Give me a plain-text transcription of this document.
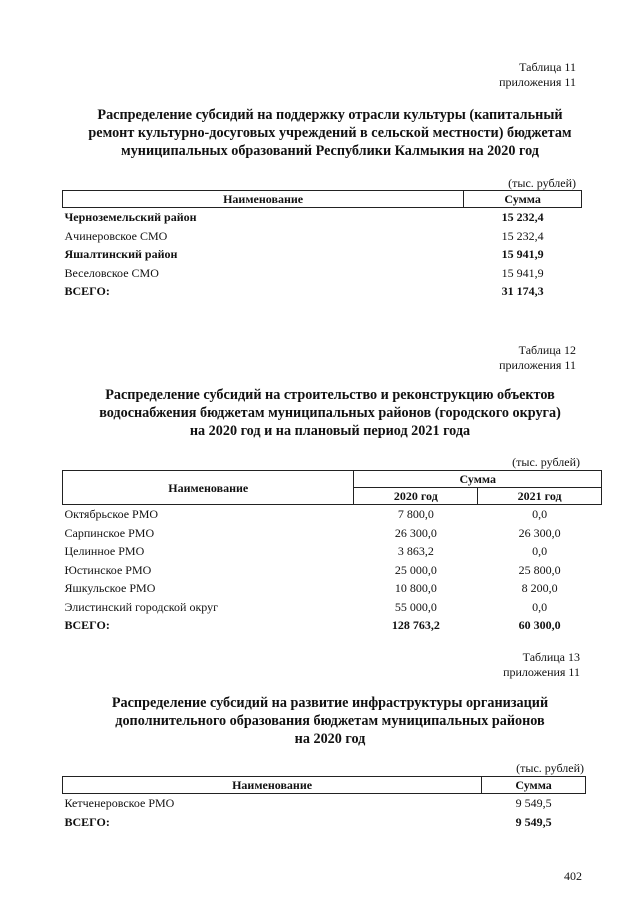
Таблица 11
приложения 11
Распределение субсидий на поддержку отрасли культуры (капитальный
ремонт культурно-досуговых учреждений в сельской местности) бюджетам
муниципальных образований Республики Калмыкия на 2020 год
(тыс. рублей)
Наименование	Сумма
Черноземельский район	15 232,4
Ачинеровское СМО	15 232,4
Яшалтинский район	15 941,9
Веселовское СМО	15 941,9
ВСЕГО:	31 174,3
Таблица 12
приложения 11
Распределение субсидий на строительство и реконструкцию объектов
водоснабжения бюджетам муниципальных районов (городского округа)
на 2020 год и на плановый период 2021 года
(тыс. рублей)
Наименование	Сумма	
	2020 год	2021 год
Октябрьское РМО	7 800,0	0,0
Сарпинское РМО	26 300,0	26 300,0
Целинное РМО	3 863,2	0,0
Юстинское РМО	25 000,0	25 800,0
Яшкульское РМО	10 800,0	8 200,0
Элистинский городской округ	55 000,0	0,0
ВСЕГО:	128 763,2	60 300,0
Таблица 13
приложения 11
Распределение субсидий на развитие инфраструктуры организаций
дополнительного образования бюджетам муниципальных районов
на 2020 год
(тыс. рублей)
Наименование	Сумма
Кетченеровское РМО	9 549,5
ВСЕГО:	9 549,5
402
